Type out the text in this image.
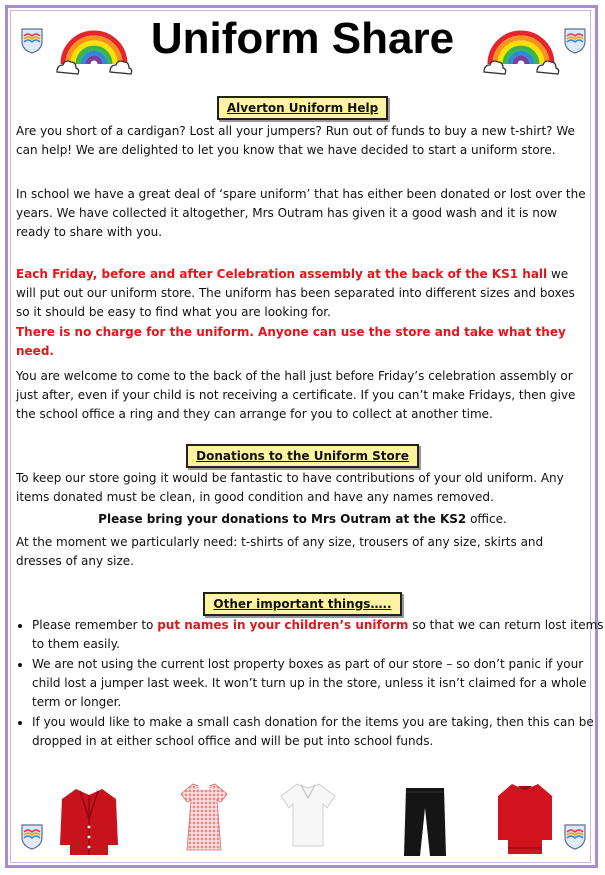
Uniform Share
Alverton Uniform Help

Are you short of a cardigan? Lost all your jumpers? Run out of funds to buy a new t-shirt? We can help! We are delighted to let you know that we have decided to start a uniform store.

In school we have a great deal of ‘spare uniform’ that has either been donated or lost over the years. We have collected it altogether, Mrs Outram has given it a good wash and it is now ready to share with you.

Each Friday, before and after Celebration assembly at the back of the KS1 hall we will put out our uniform store. The uniform has been separated into different sizes and boxes so it should be easy to find what you are looking for.

There is no charge for the uniform. Anyone can use the store and take what they need.

You are welcome to come to the back of the hall just before Friday’s celebration assembly or just after, even if your child is not receiving a certificate. If you can’t make Fridays, then give the school office a ring and they can arrange for you to collect at another time.

Donations to the Uniform Store

To keep our store going it would be fantastic to have contributions of your old uniform. Any items donated must be clean, in good condition and have any names removed.

Please bring your donations to Mrs Outram at the KS2 office.

At the moment we particularly need: t-shirts of any size, trousers of any size, skirts and dresses of any size.

Other important things…..
• Please remember to put names in your children’s uniform so that we can return lost items to them easily.
• We are not using the current lost property boxes as part of our store – so don’t panic if your child lost a jumper last week. It won’t turn up in the store, unless it isn’t claimed for a whole term or longer.
• If you would like to make a small cash donation for the items you are taking, then this can be dropped in at either school office and will be put into school funds.
